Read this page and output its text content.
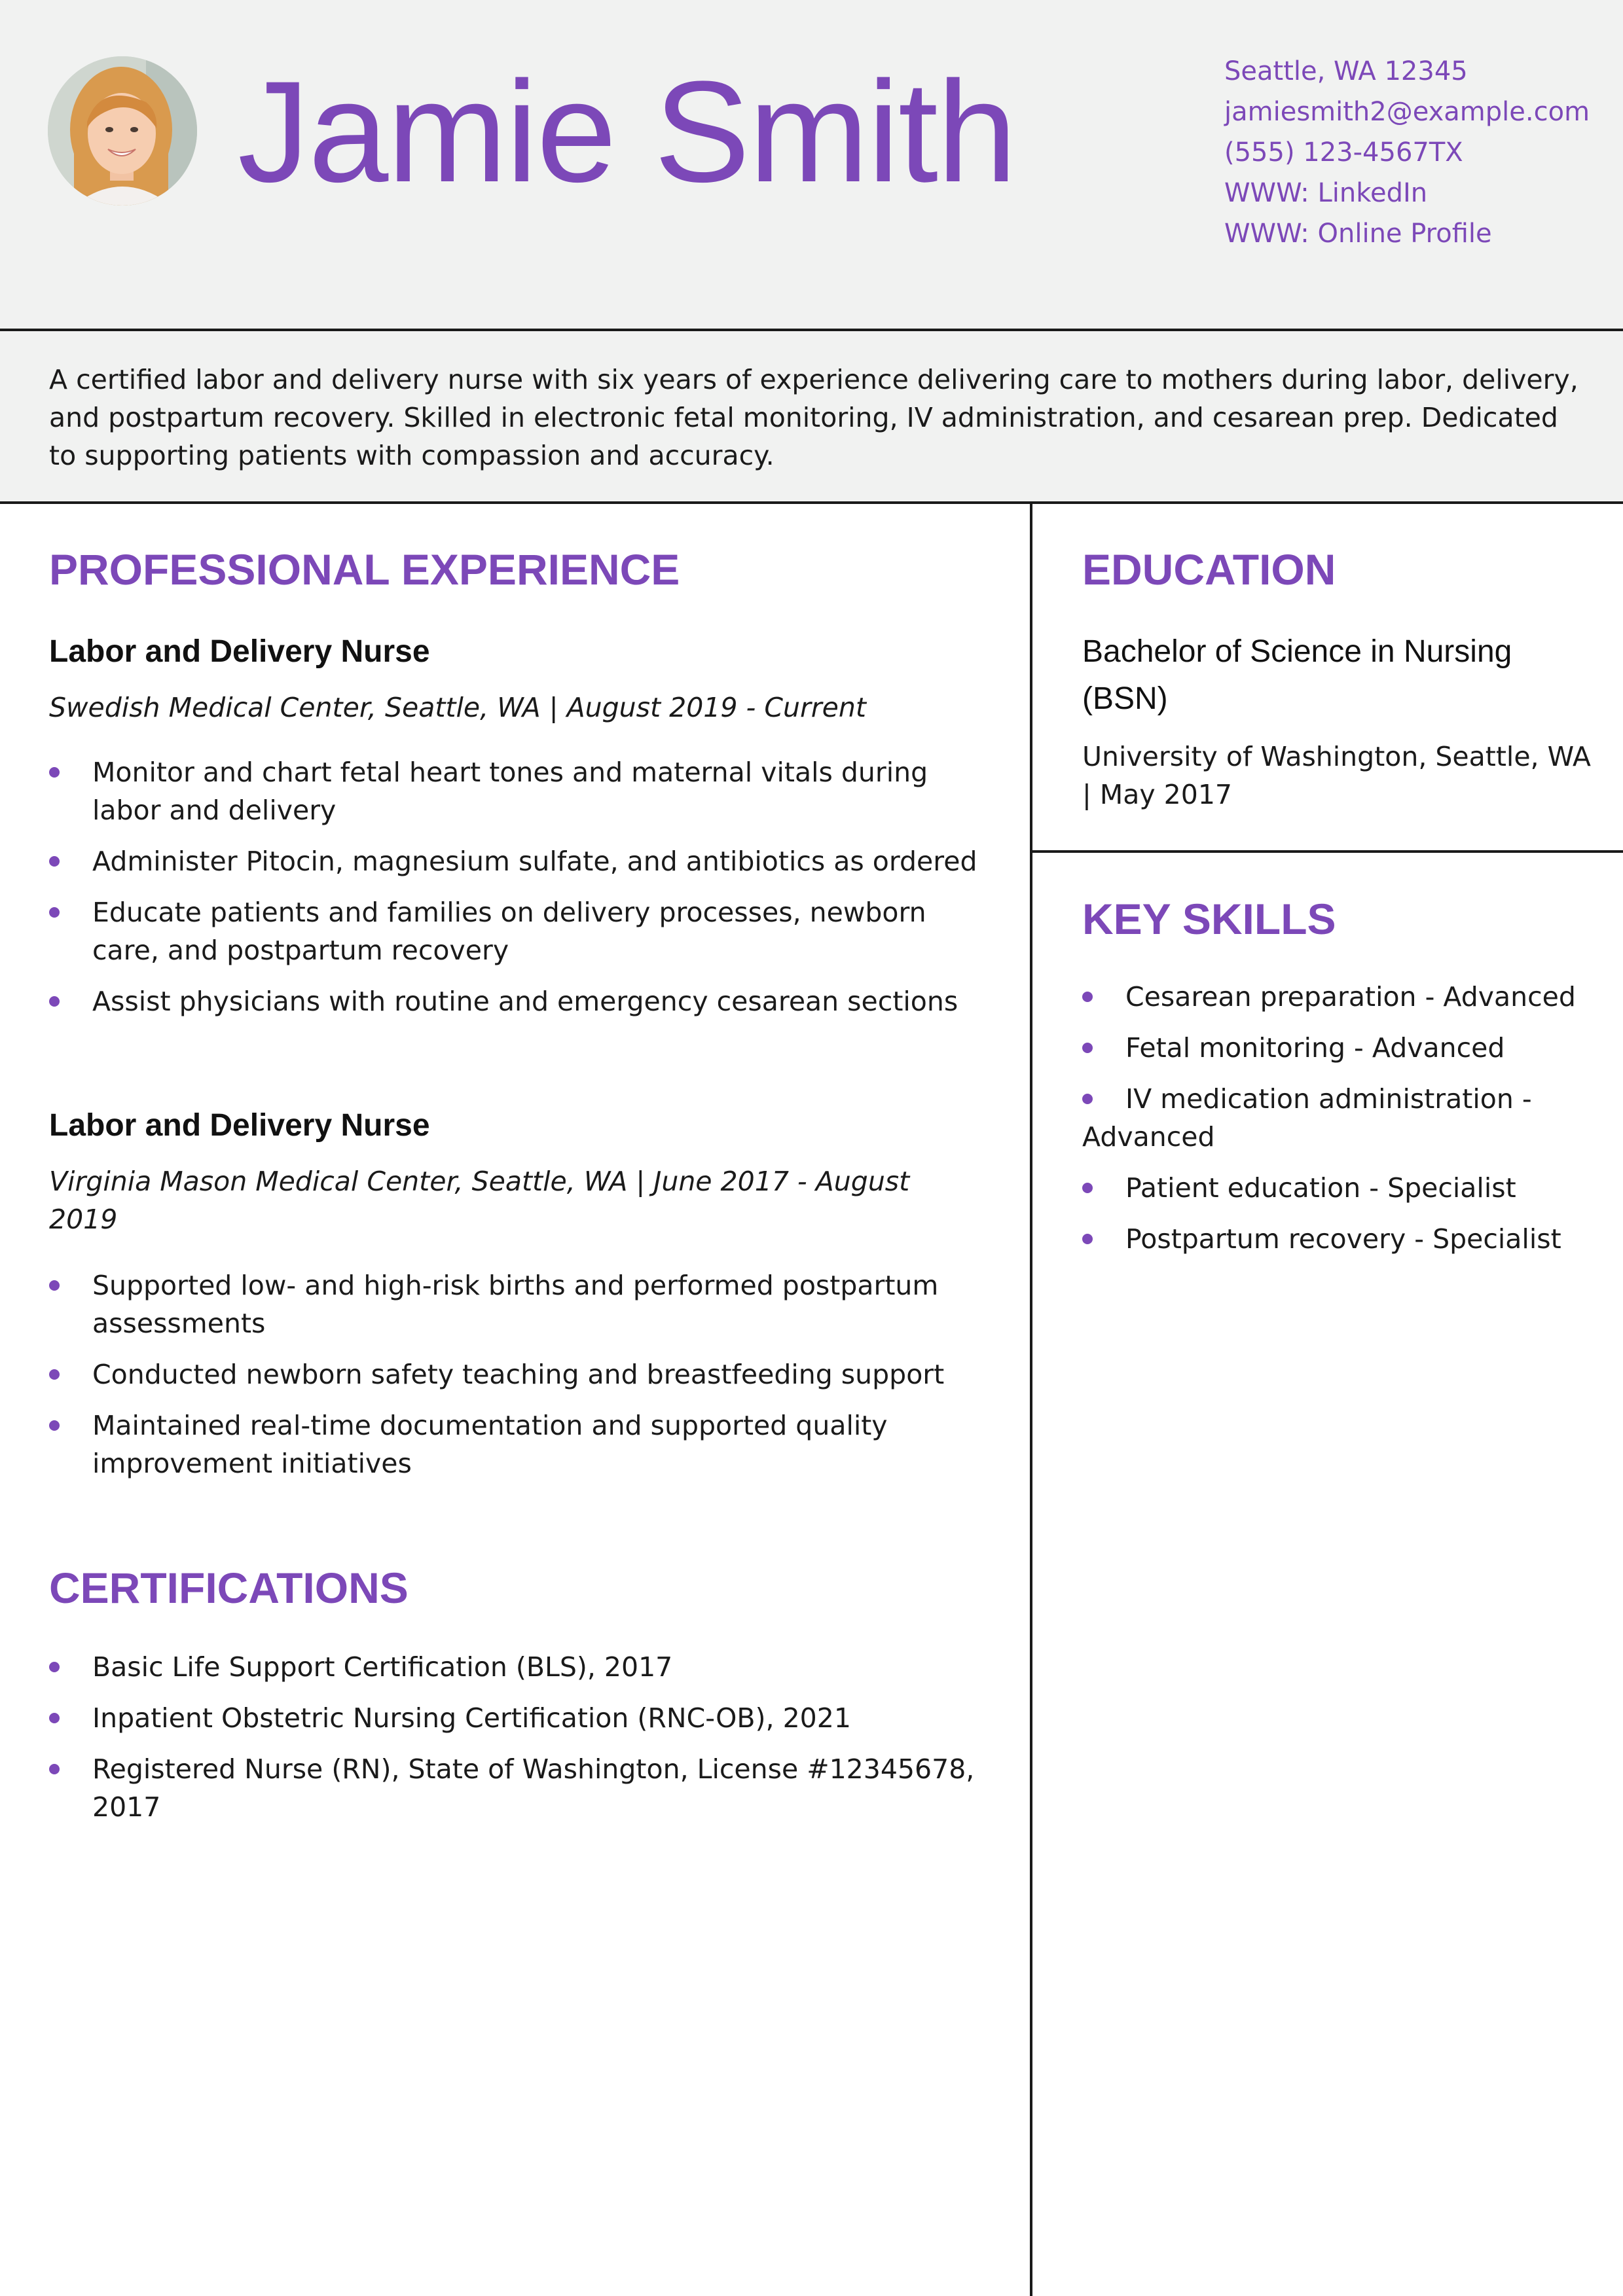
Jamie Smith	Seattle, WA 12345
jamiesmith2@example.com
(555) 123-4567TX
WWW: LinkedIn
WWW: Online Profile

A certified labor and delivery nurse with six years of experience delivering care to mothers during labor, delivery, and postpartum recovery. Skilled in electronic fetal monitoring, IV administration, and cesarean prep. Dedicated to supporting patients with compassion and accuracy.

PROFESSIONAL EXPERIENCE
Labor and Delivery Nurse

Swedish Medical Center, Seattle, WA | August 2019 - Current

Monitor and chart fetal heart tones and maternal vitals during labor and delivery
Administer Pitocin, magnesium sulfate, and antibiotics as ordered
Educate patients and families on delivery processes, newborn care, and postpartum recovery
Assist physicians with routine and emergency cesarean sections
Labor and Delivery Nurse

Virginia Mason Medical Center, Seattle, WA | June 2017 - August 2019

Supported low- and high-risk births and performed postpartum assessments
Conducted newborn safety teaching and breastfeeding support
Maintained real-time documentation and supported quality improvement initiatives
CERTIFICATIONS
Basic Life Support Certification (BLS), 2017
Inpatient Obstetric Nursing Certification (RNC-OB), 2021
Registered Nurse (RN), State of Washington, License #12345678, 2017
EDUCATION

Bachelor of Science in Nursing (BSN)

University of Washington, Seattle, WA | May 2017

KEY SKILLS
Cesarean preparation - Advanced
Fetal monitoring - Advanced
IV medication administration - Advanced
Patient education - Specialist
Postpartum recovery - Specialist
